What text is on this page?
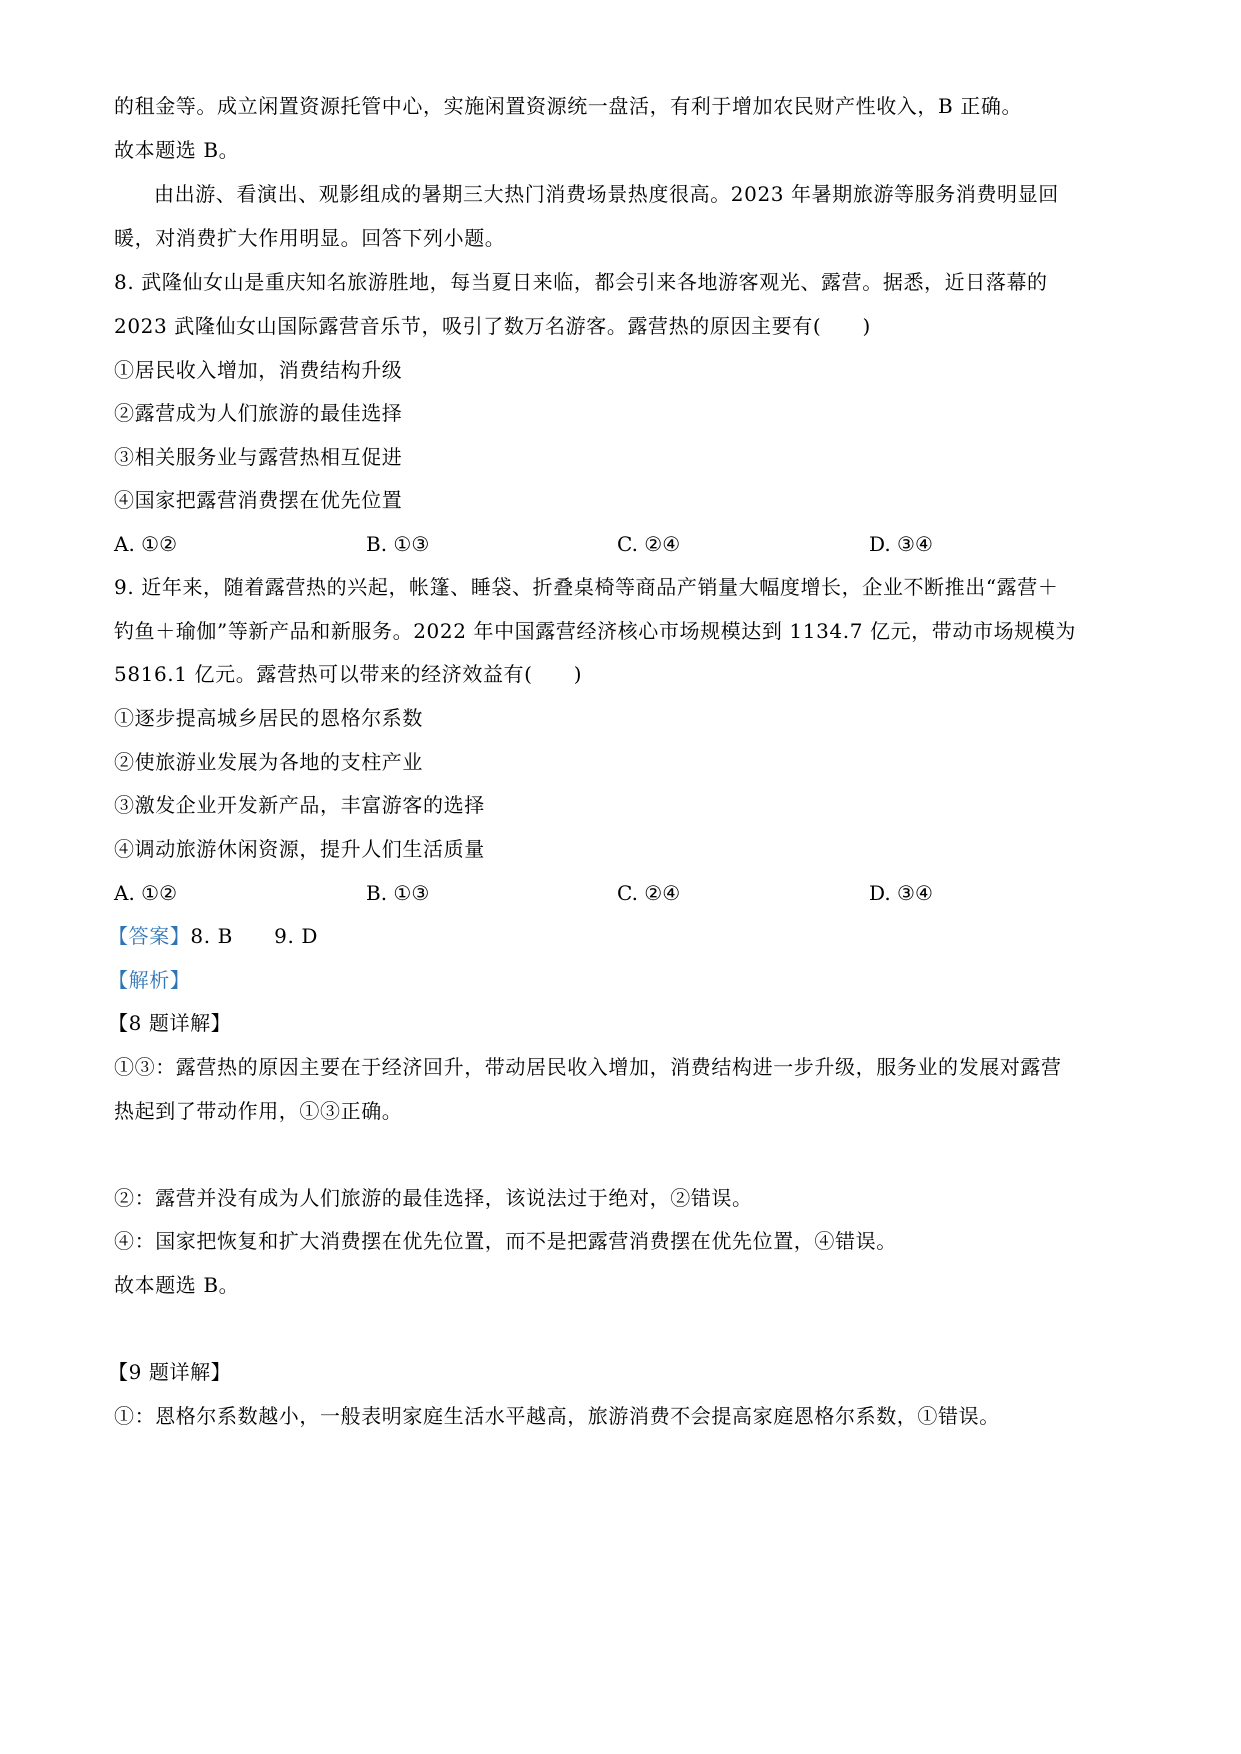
的租金等。成立闲置资源托管中心，实施闲置资源统一盘活，有利于增加农民财产性收入，B 正确。

故本题选 B。

由出游、看演出、观影组成的暑期三大热门消费场景热度很高。2023 年暑期旅游等服务消费明显回

暖，对消费扩大作用明显。回答下列小题。

8. 武隆仙女山是重庆知名旅游胜地，每当夏日来临，都会引来各地游客观光、露营。据悉，近日落幕的

2023 武隆仙女山国际露营音乐节，吸引了数万名游客。露营热的原因主要有(　　)

①居民收入增加，消费结构升级

②露营成为人们旅游的最佳选择

③相关服务业与露营热相互促进

④国家把露营消费摆在优先位置

A. ①②	B. ①③	C. ②④	D. ③④

9. 近年来，随着露营热的兴起，帐篷、睡袋、折叠桌椅等商品产销量大幅度增长，企业不断推出“露营＋

钓鱼＋瑜伽”等新产品和新服务。2022 年中国露营经济核心市场规模达到 1134.7 亿元，带动市场规模为

5816.1 亿元。露营热可以带来的经济效益有(　　)

①逐步提高城乡居民的恩格尔系数

②使旅游业发展为各地的支柱产业

③激发企业开发新产品，丰富游客的选择

④调动旅游休闲资源，提升人们生活质量

A. ①②	B. ①③	C. ②④	D. ③④

【答案】8. B　　9. D

【解析】

【8 题详解】

①③：露营热的原因主要在于经济回升，带动居民收入增加，消费结构进一步升级，服务业的发展对露营

热起到了带动作用，①③正确。

②：露营并没有成为人们旅游的最佳选择，该说法过于绝对，②错误。

④：国家把恢复和扩大消费摆在优先位置，而不是把露营消费摆在优先位置，④错误。

故本题选 B。

【9 题详解】

①：恩格尔系数越小，一般表明家庭生活水平越高，旅游消费不会提高家庭恩格尔系数，①错误。
